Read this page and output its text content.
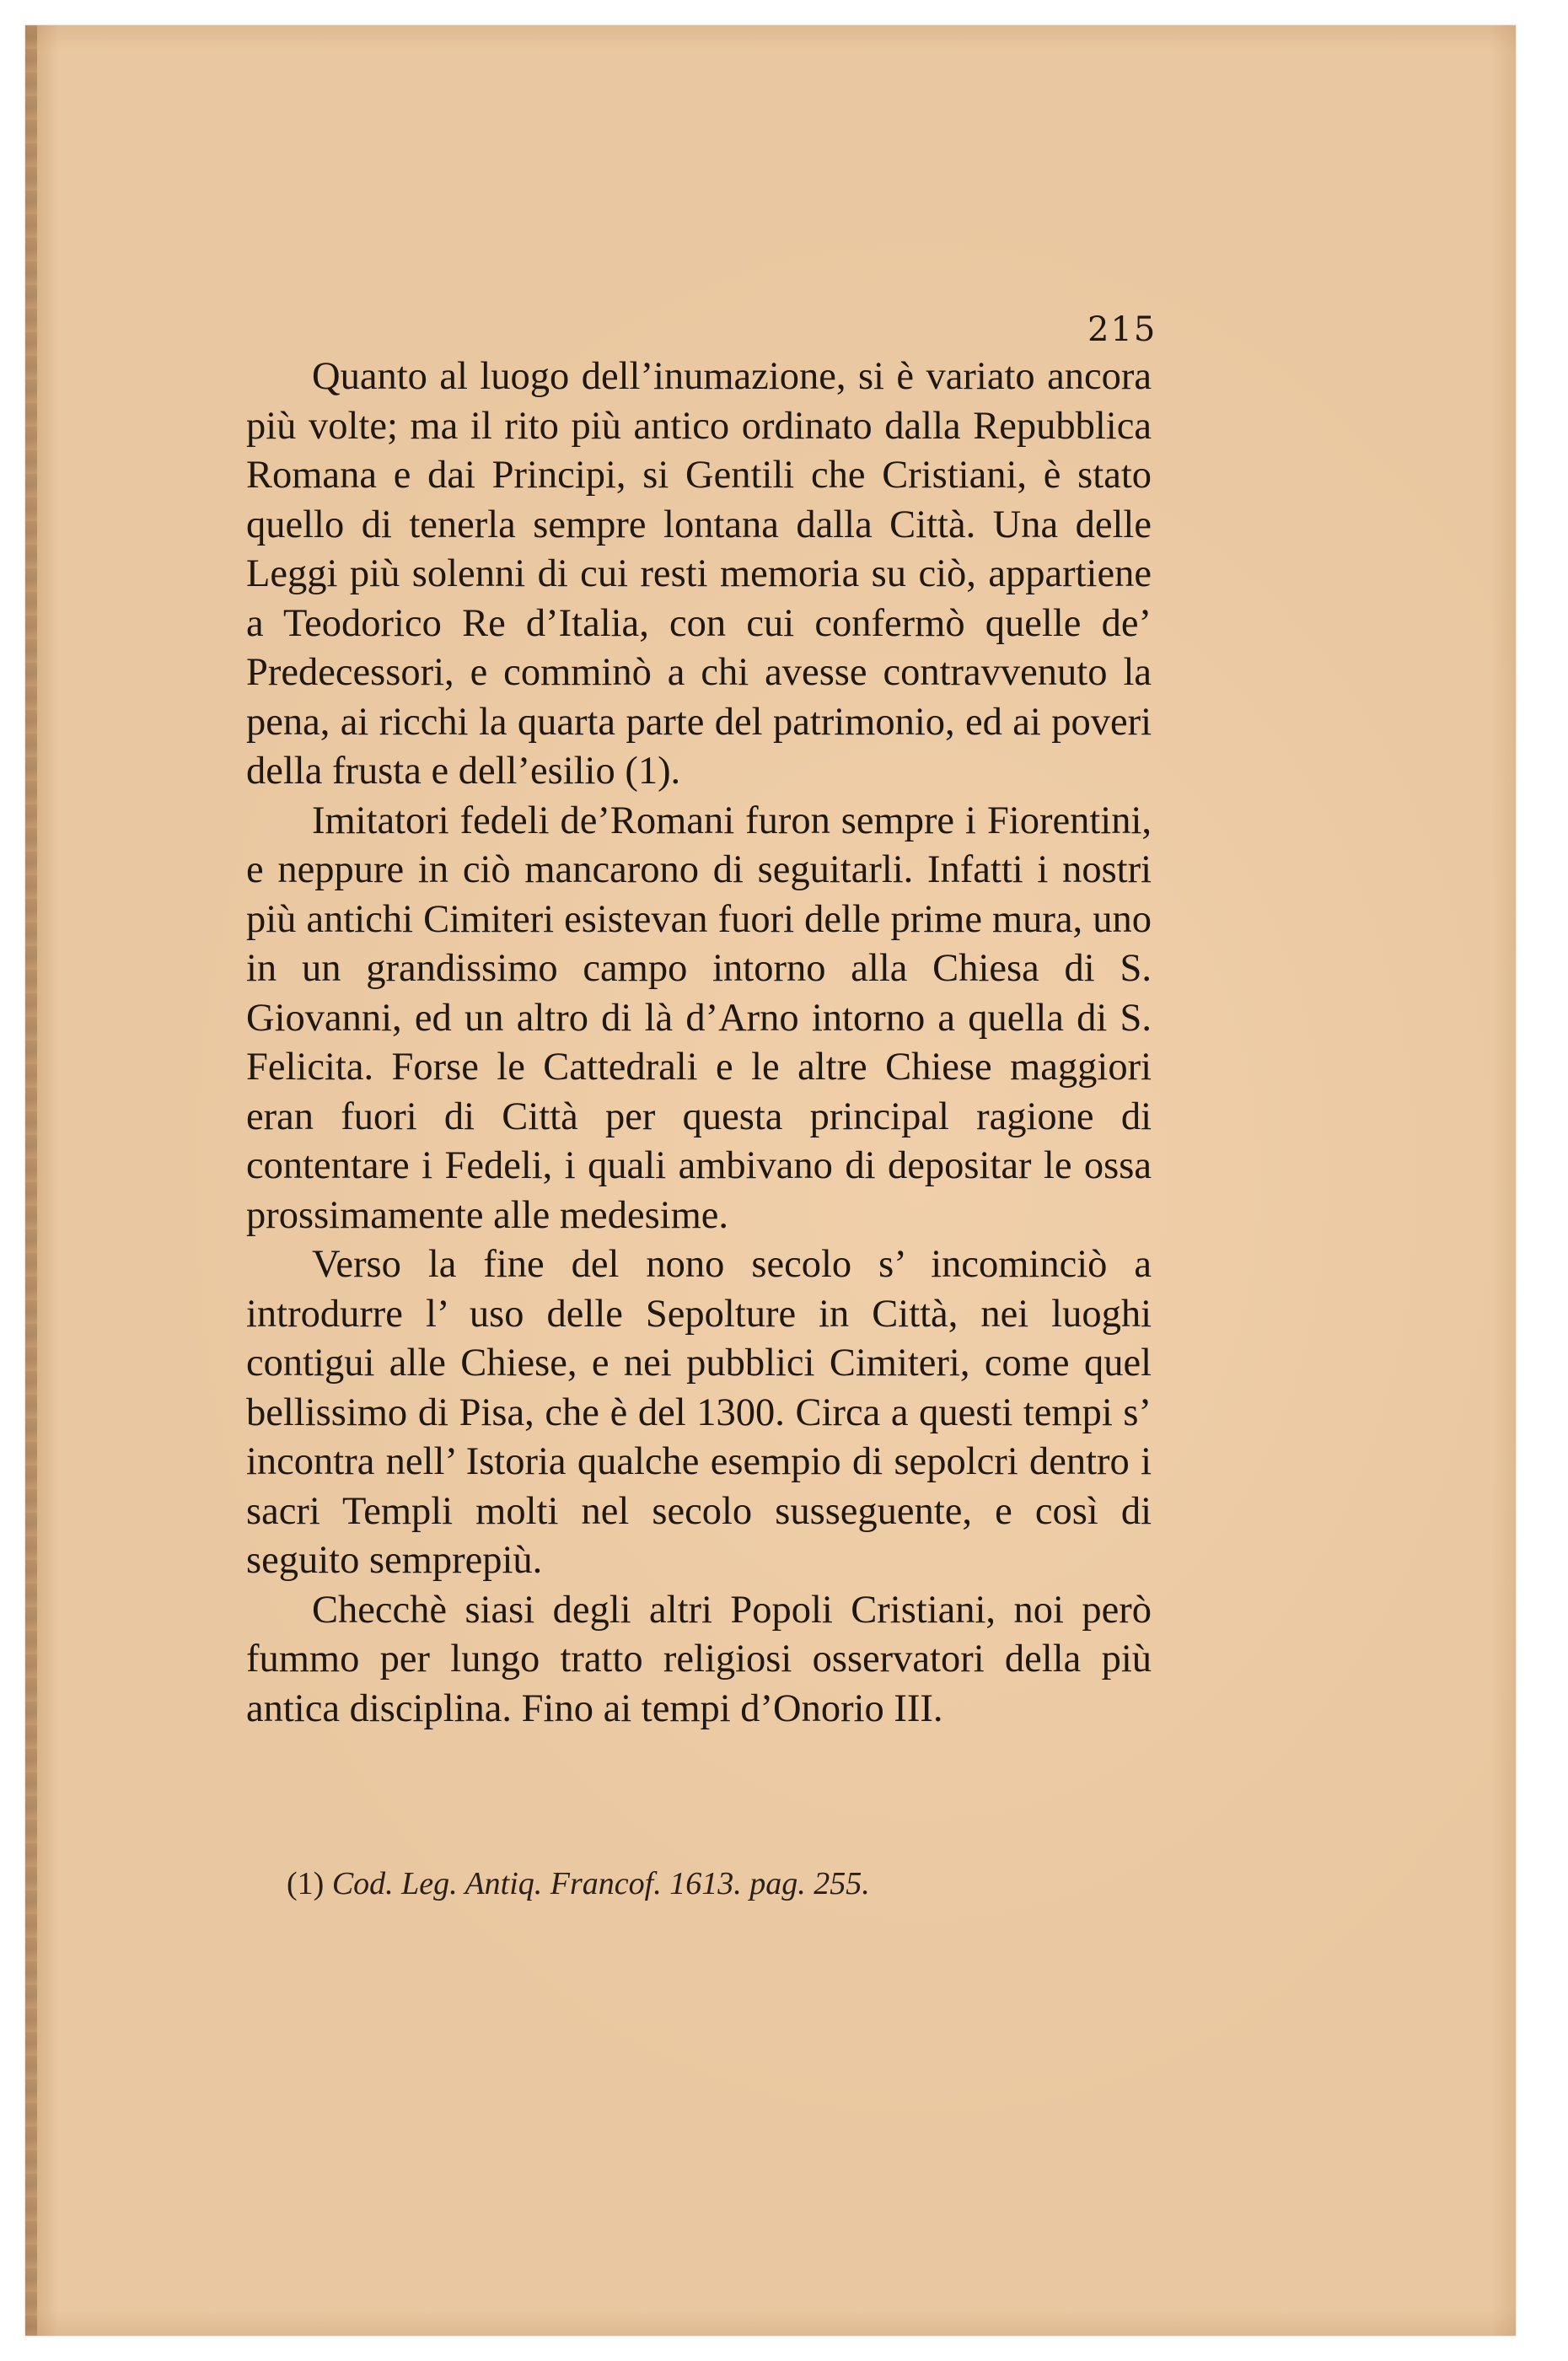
215

Quanto al luogo dell’inumazione, si è variato ancora più volte; ma il rito più antico ordinato dalla Repubblica Romana e dai Principi, si Gentili che Cristiani, è stato quello di tenerla sempre lontana dalla Città. Una delle Leggi più solenni di cui resti memoria su ciò, appartiene a Teodorico Re d’Italia, con cui confermò quelle de’ Predecessori, e comminò a chi avesse contravvenuto la pena, ai ricchi la quarta parte del patrimonio, ed ai poveri della frusta e dell’esilio (1).

Imitatori fedeli de’Romani furon sempre i Fiorentini, e neppure in ciò mancarono di seguitarli. Infatti i nostri più antichi Cimiteri esistevan fuori delle prime mura, uno in un grandissimo campo intorno alla Chiesa di S. Giovanni, ed un altro di là d’Arno intorno a quella di S. Felicita. Forse le Cattedrali e le altre Chiese maggiori eran fuori di Città per questa principal ragione di contentare i Fedeli, i quali ambivano di depositar le ossa prossimamente alle medesime.

Verso la fine del nono secolo s’ incominciò a introdurre l’ uso delle Sepolture in Città, nei luoghi contigui alle Chiese, e nei pubblici Cimiteri, come quel bellissimo di Pisa, che è del 1300. Circa a questi tempi s’ incontra nell’ Istoria qualche esempio di sepolcri dentro i sacri Templi molti nel secolo susseguente, e così di seguito semprepiù.

Checchè siasi degli altri Popoli Cristiani, noi però fummo per lungo tratto religiosi osservatori della più antica disciplina. Fino ai tempi d’Onorio III.

(1) Cod. Leg. Antiq. Francof. 1613. pag. 255.
